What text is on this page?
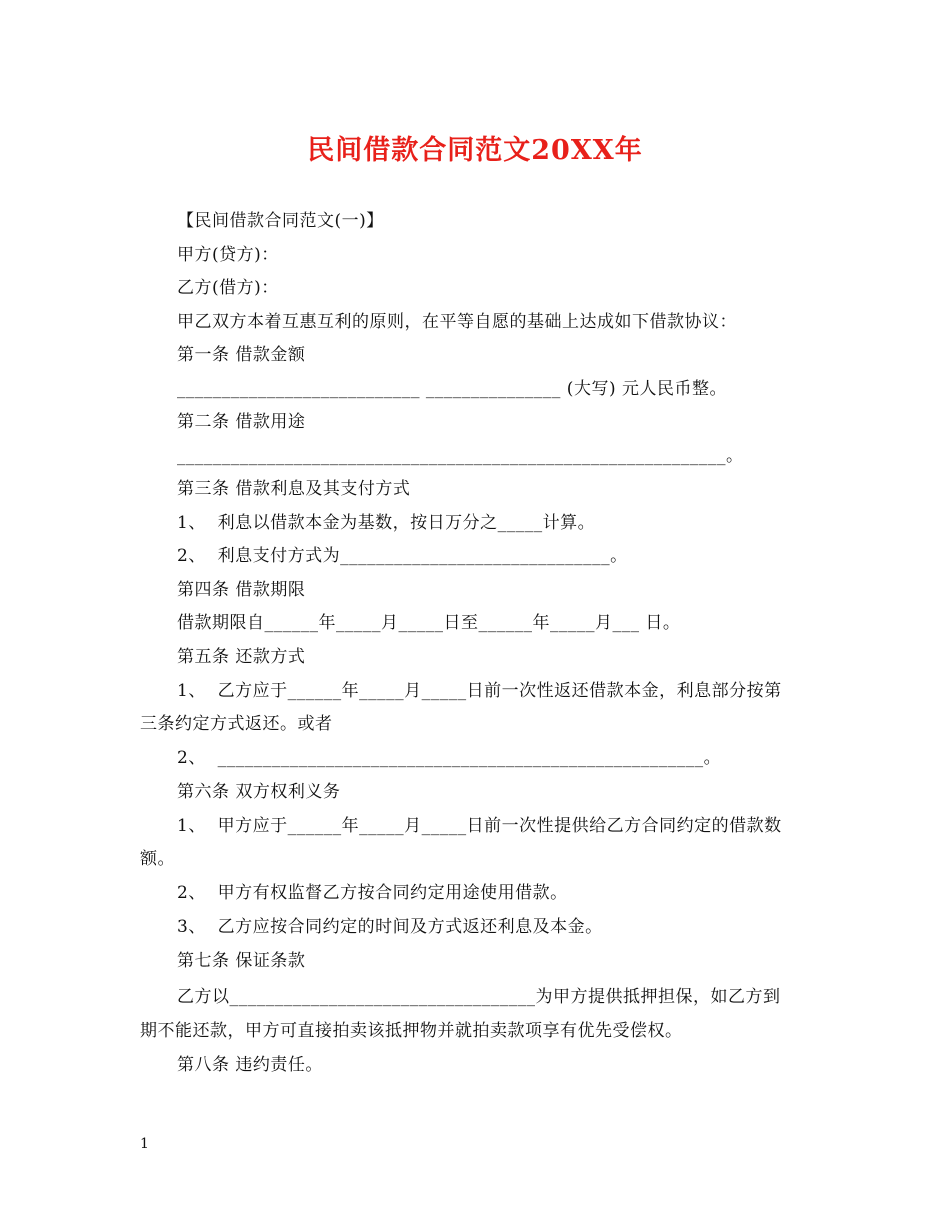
民间借款合同范文20XX年
【民间借款合同范文(一)】
甲方(贷方)：
乙方(借方)：
甲乙双方本着互惠互利的原则，在平等自愿的基础上达成如下借款协议：
第一条 借款金额
___________________________ _______________ (大写) 元人民币整。
第二条 借款用途
_____________________________________________________________。
第三条 借款利息及其支付方式
1、  利息以借款本金为基数，按日万分之_____计算。
2、  利息支付方式为______________________________。
第四条 借款期限
借款期限自______年_____月_____日至______年_____月___ 日。
第五条 还款方式
1、  乙方应于______年_____月_____日前一次性返还借款本金，利息部分按第
三条约定方式返还。或者
2、  ______________________________________________________。
第六条 双方权利义务
1、  甲方应于______年_____月_____日前一次性提供给乙方合同约定的借款数
额。
2、  甲方有权监督乙方按合同约定用途使用借款。
3、  乙方应按合同约定的时间及方式返还利息及本金。
第七条 保证条款
乙方以__________________________________为甲方提供抵押担保，如乙方到
期不能还款，甲方可直接拍卖该抵押物并就拍卖款项享有优先受偿权。
第八条 违约责任。
1
